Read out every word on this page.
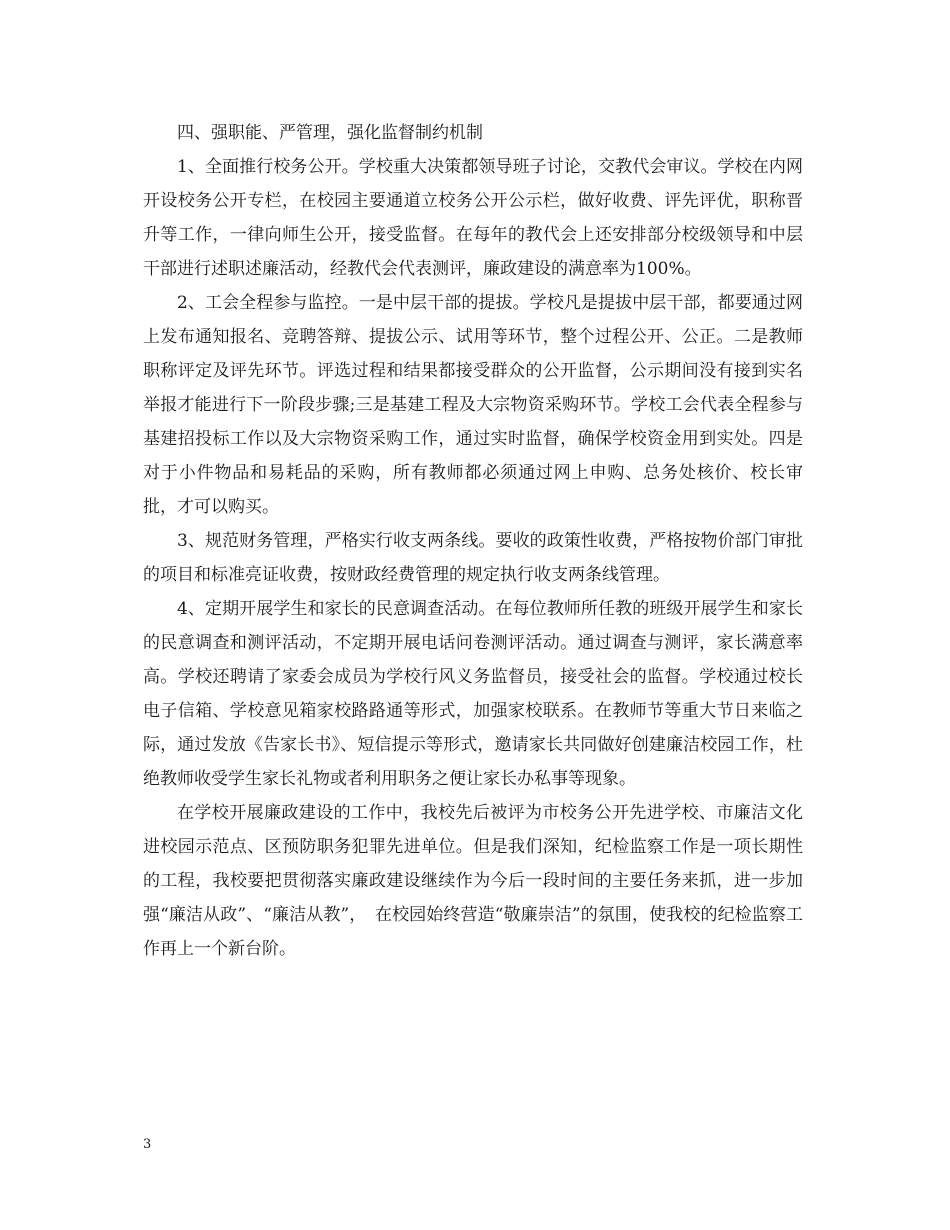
四、强职能、严管理，强化监督制约机制

1、全面推行校务公开。学校重大决策都领导班子讨论，交教代会审议。学校在内网开设校务公开专栏，在校园主要通道立校务公开公示栏，做好收费、评先评优，职称晋升等工作，一律向师生公开，接受监督。在每年的教代会上还安排部分校级领导和中层干部进行述职述廉活动，经教代会代表测评，廉政建设的满意率为100%。

2、工会全程参与监控。一是中层干部的提拔。学校凡是提拔中层干部，都要通过网上发布通知报名、竞聘答辩、提拔公示、试用等环节，整个过程公开、公正。二是教师职称评定及评先环节。评选过程和结果都接受群众的公开监督，公示期间没有接到实名举报才能进行下一阶段步骤;三是基建工程及大宗物资采购环节。学校工会代表全程参与基建招投标工作以及大宗物资采购工作，通过实时监督，确保学校资金用到实处。四是对于小件物品和易耗品的采购，所有教师都必须通过网上申购、总务处核价、校长审批，才可以购买。

3、规范财务管理，严格实行收支两条线。要收的政策性收费，严格按物价部门审批的项目和标准亮证收费，按财政经费管理的规定执行收支两条线管理。

4、定期开展学生和家长的民意调查活动。在每位教师所任教的班级开展学生和家长的民意调查和测评活动，不定期开展电话问卷测评活动。通过调查与测评，家长满意率高。学校还聘请了家委会成员为学校行风义务监督员，接受社会的监督。学校通过校长电子信箱、学校意见箱家校路路通等形式，加强家校联系。在教师节等重大节日来临之际，通过发放《告家长书》、短信提示等形式，邀请家长共同做好创建廉洁校园工作，杜绝教师收受学生家长礼物或者利用职务之便让家长办私事等现象。

在学校开展廉政建设的工作中，我校先后被评为市校务公开先进学校、市廉洁文化进校园示范点、区预防职务犯罪先进单位。但是我们深知，纪检监察工作是一项长期性的工程，我校要把贯彻落实廉政建设继续作为今后一段时间的主要任务来抓，进一步加强“廉洁从政”、“廉洁从教”，　在校园始终营造“敬廉崇洁”的氛围，使我校的纪检监察工作再上一个新台阶。

3
